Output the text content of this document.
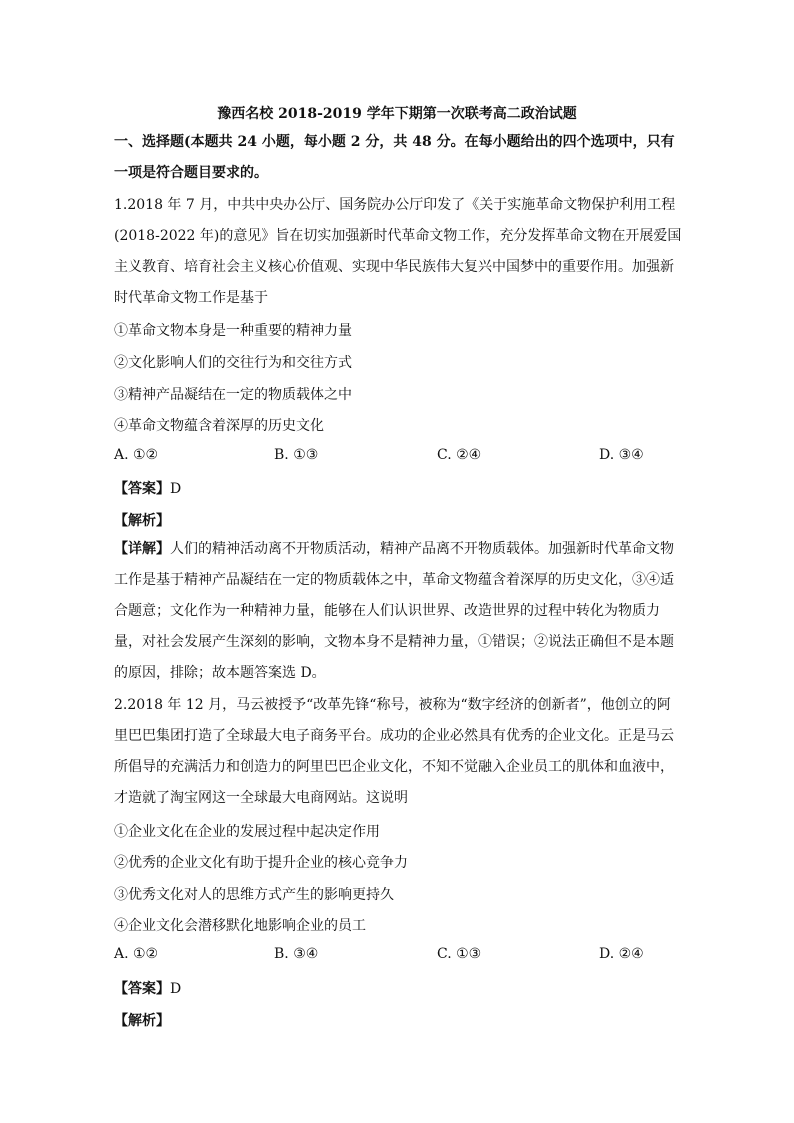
豫西名校 2018-2019 学年下期第一次联考高二政治试题
一、选择题(本题共 24 小题，每小题 2 分，共 48 分。在每小题给出的四个选项中，只有一项是符合题目要求的。

1.2018 年 7 月，中共中央办公厅、国务院办公厅印发了《关于实施革命文物保护利用工程(2018-2022 年)的意见》旨在切实加强新时代革命文物工作，充分发挥革命文物在开展爱国主义教育、培育社会主义核心价值观、实现中华民族伟大复兴中国梦中的重要作用。加强新时代革命文物工作是基于

①革命文物本身是一种重要的精神力量
②文化影响人们的交往行为和交往方式
③精神产品凝结在一定的物质载体之中
④革命文物蕴含着深厚的历史文化
A. ①②	B. ①③	C. ②④	D. ③④
【答案】D
【解析】

【详解】人们的精神活动离不开物质活动，精神产品离不开物质载体。加强新时代革命文物工作是基于精神产品凝结在一定的物质载体之中，革命文物蕴含着深厚的历史文化，③④适合题意；文化作为一种精神力量，能够在人们认识世界、改造世界的过程中转化为物质力量，对社会发展产生深刻的影响，文物本身不是精神力量，①错误；②说法正确但不是本题的原因，排除；故本题答案选 D。

2.2018 年 12 月，马云被授予“改革先锋“称号，被称为“数字经济的创新者”，他创立的阿里巴巴集团打造了全球最大电子商务平台。成功的企业必然具有优秀的企业文化。正是马云所倡导的充满活力和创造力的阿里巴巴企业文化，不知不觉融入企业员工的肌体和血液中，才造就了淘宝网这一全球最大电商网站。这说明

①企业文化在企业的发展过程中起决定作用
②优秀的企业文化有助于提升企业的核心竞争力
③优秀文化对人的思维方式产生的影响更持久
④企业文化会潜移默化地影响企业的员工
A. ①②	B. ③④	C. ①③	D. ②④
【答案】D
【解析】
